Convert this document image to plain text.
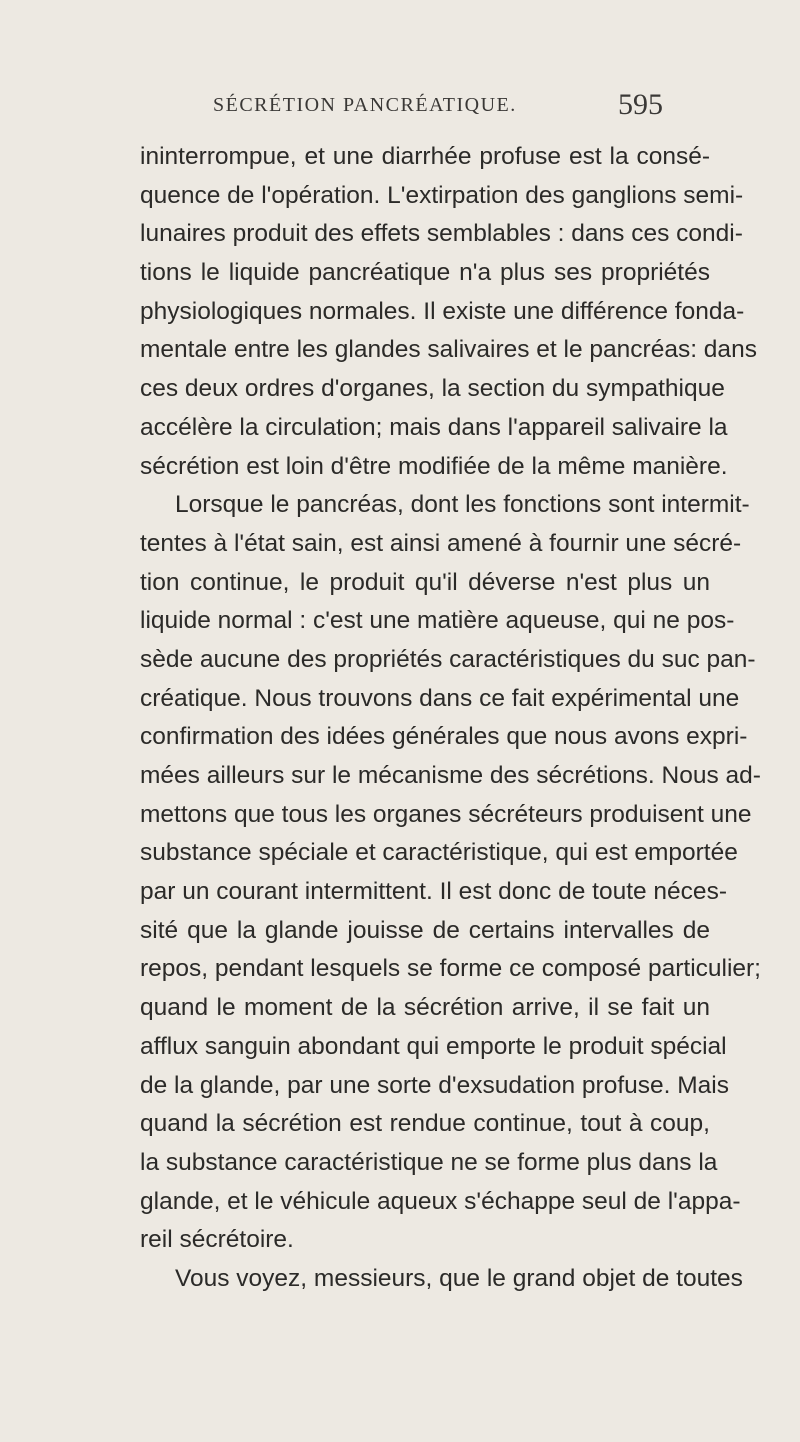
SÉCRÉTION PANCRÉATIQUE.	595
ininterrompue, et une diarrhée profuse est la consé-
quence de l'opération. L'extirpation des ganglions semi-
lunaires produit des effets semblables : dans ces condi-
tions le liquide pancréatique n'a plus ses propriétés
physiologiques normales. Il existe une différence fonda-
mentale entre les glandes salivaires et le pancréas: dans
ces deux ordres d'organes, la section du sympathique
accélère la circulation; mais dans l'appareil salivaire la
sécrétion est loin d'être modifiée de la même manière.
Lorsque le pancréas, dont les fonctions sont intermit-
tentes à l'état sain, est ainsi amené à fournir une sécré-
tion continue, le produit qu'il déverse n'est plus un
liquide normal : c'est une matière aqueuse, qui ne pos-
sède aucune des propriétés caractéristiques du suc pan-
créatique. Nous trouvons dans ce fait expérimental une
confirmation des idées générales que nous avons expri-
mées ailleurs sur le mécanisme des sécrétions. Nous ad-
mettons que tous les organes sécréteurs produisent une
substance spéciale et caractéristique, qui est emportée
par un courant intermittent. Il est donc de toute néces-
sité que la glande jouisse de certains intervalles de
repos, pendant lesquels se forme ce composé particulier;
quand le moment de la sécrétion arrive, il se fait un
afflux sanguin abondant qui emporte le produit spécial
de la glande, par une sorte d'exsudation profuse. Mais
quand la sécrétion est rendue continue, tout à coup,
la substance caractéristique ne se forme plus dans la
glande, et le véhicule aqueux s'échappe seul de l'appa-
reil sécrétoire.
Vous voyez, messieurs, que le grand objet de toutes
